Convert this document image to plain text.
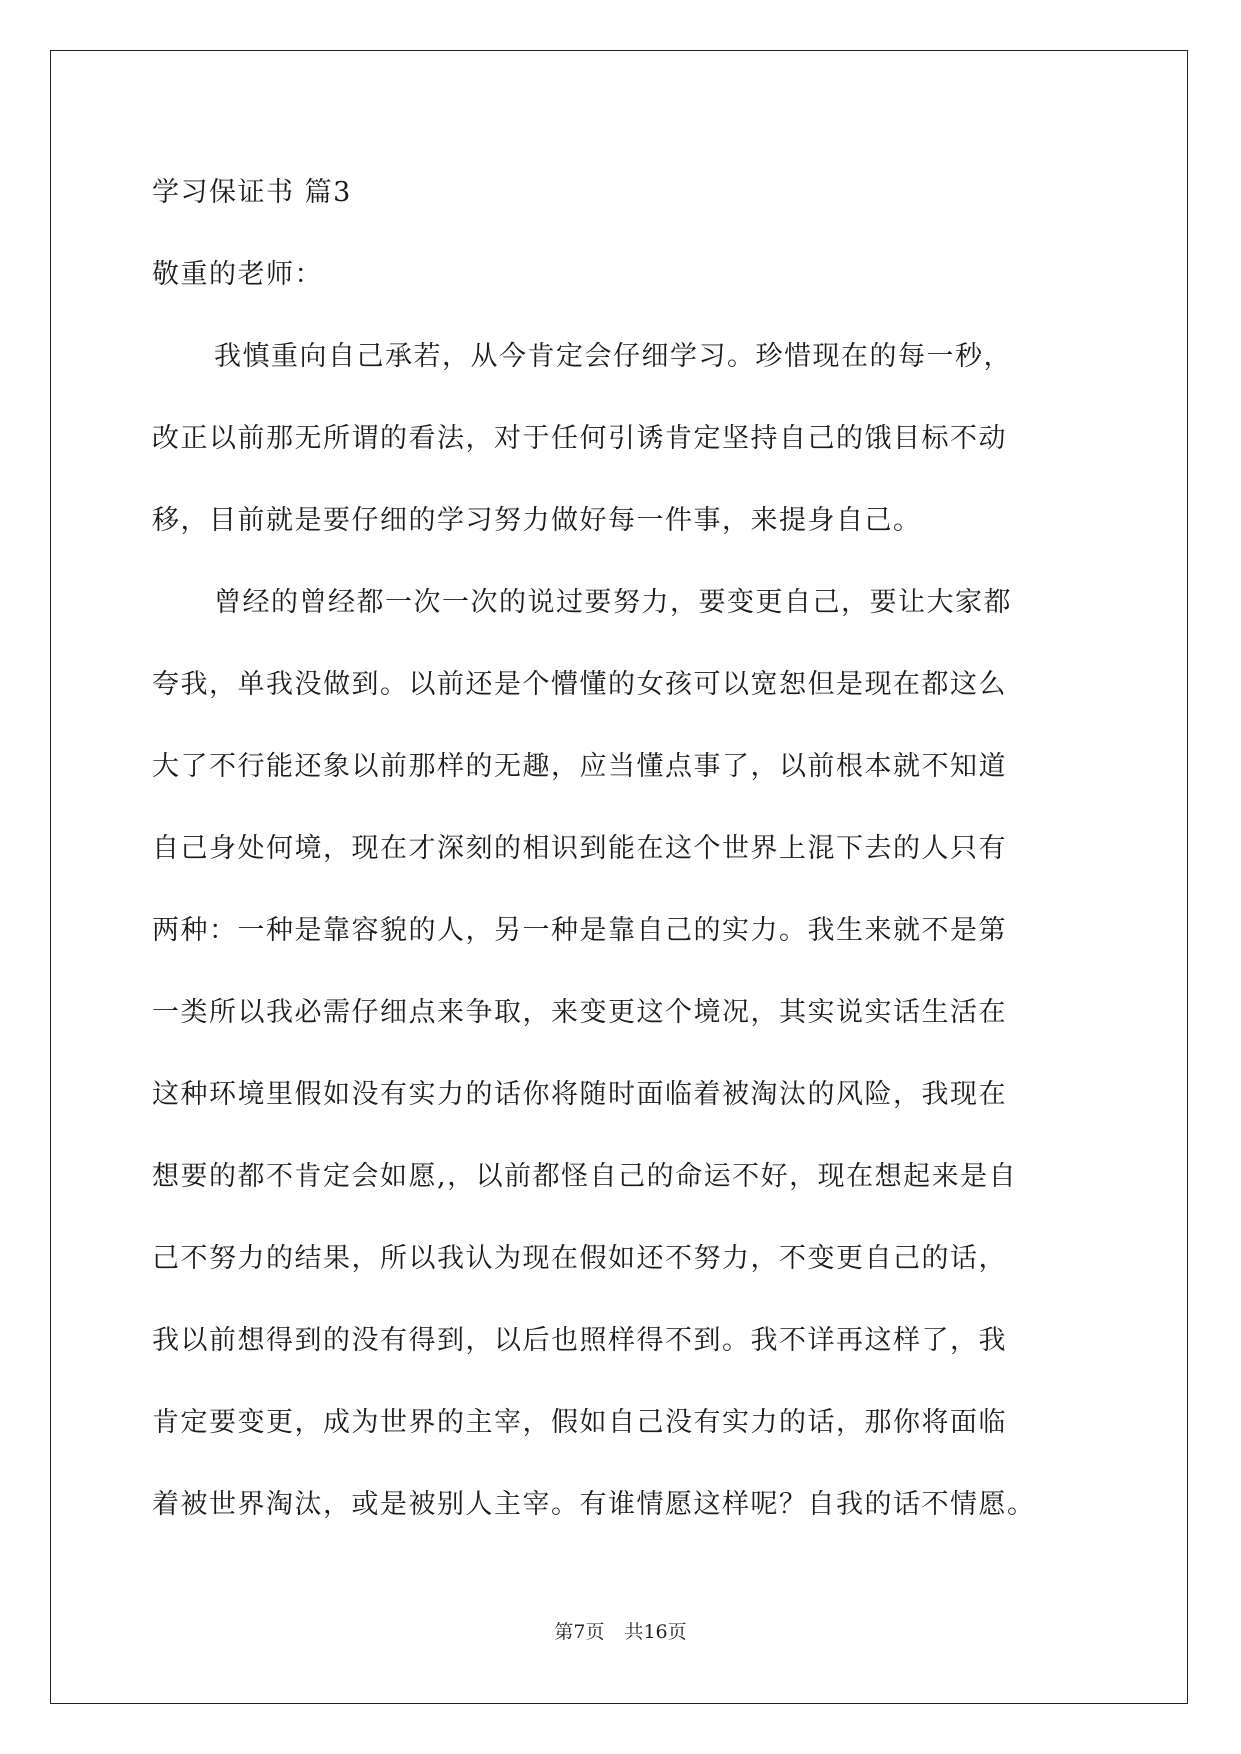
学习保证书 篇3
敬重的老师：
我慎重向自己承若，从今肯定会仔细学习。珍惜现在的每一秒，
改正以前那无所谓的看法，对于任何引诱肯定坚持自己的饿目标不动
移，目前就是要仔细的学习努力做好每一件事，来提身自己。
曾经的曾经都一次一次的说过要努力，要变更自己，要让大家都
夸我，单我没做到。以前还是个懵懂的女孩可以宽恕但是现在都这么
大了不行能还象以前那样的无趣，应当懂点事了，以前根本就不知道
自己身处何境，现在才深刻的相识到能在这个世界上混下去的人只有
两种：一种是靠容貌的人，另一种是靠自己的实力。我生来就不是第
一类所以我必需仔细点来争取，来变更这个境况，其实说实话生活在
这种环境里假如没有实力的话你将随时面临着被淘汰的风险，我现在
想要的都不肯定会如愿,，以前都怪自己的命运不好，现在想起来是自
己不努力的结果，所以我认为现在假如还不努力，不变更自己的话，
我以前想得到的没有得到，以后也照样得不到。我不详再这样了，我
肯定要变更，成为世界的主宰，假如自己没有实力的话，那你将面临
着被世界淘汰，或是被别人主宰。有谁情愿这样呢？自我的话不情愿。
第7页 共16页
